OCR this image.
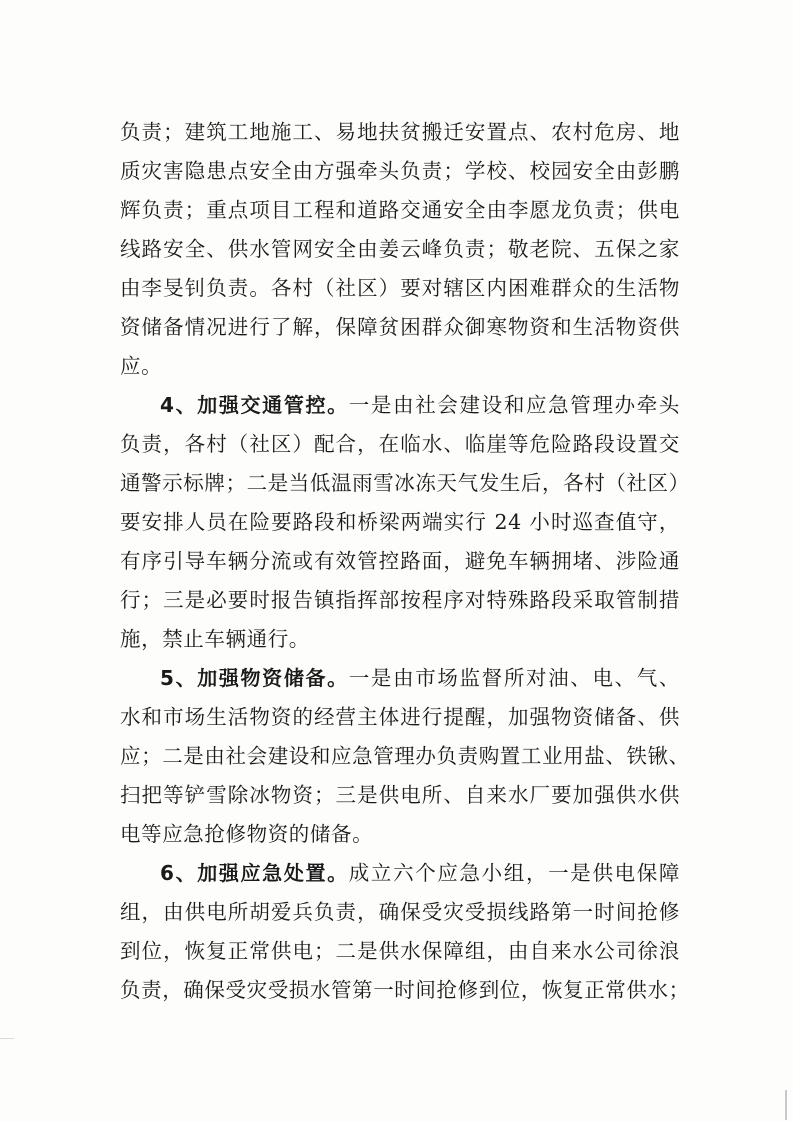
负责；建筑工地施工、易地扶贫搬迁安置点、农村危房、地
质灾害隐患点安全由方强牵头负责；学校、校园安全由彭鹏
辉负责；重点项目工程和道路交通安全由李愿龙负责；供电
线路安全、供水管网安全由姜云峰负责；敬老院、五保之家
由李旻钊负责。各村（社区）要对辖区内困难群众的生活物
资储备情况进行了解，保障贫困群众御寒物资和生活物资供
应。
4、加强交通管控。一是由社会建设和应急管理办牵头
负责，各村（社区）配合，在临水、临崖等危险路段设置交
通警示标牌；二是当低温雨雪冰冻天气发生后，各村（社区）
要安排人员在险要路段和桥梁两端实行 24 小时巡查值守，
有序引导车辆分流或有效管控路面，避免车辆拥堵、涉险通
行；三是必要时报告镇指挥部按程序对特殊路段采取管制措
施，禁止车辆通行。
5、加强物资储备。一是由市场监督所对油、电、气、
水和市场生活物资的经营主体进行提醒，加强物资储备、供
应；二是由社会建设和应急管理办负责购置工业用盐、铁锹、
扫把等铲雪除冰物资；三是供电所、自来水厂要加强供水供
电等应急抢修物资的储备。
6、加强应急处置。成立六个应急小组，一是供电保障
组，由供电所胡爱兵负责，确保受灾受损线路第一时间抢修
到位，恢复正常供电；二是供水保障组，由自来水公司徐浪
负责，确保受灾受损水管第一时间抢修到位，恢复正常供水；
